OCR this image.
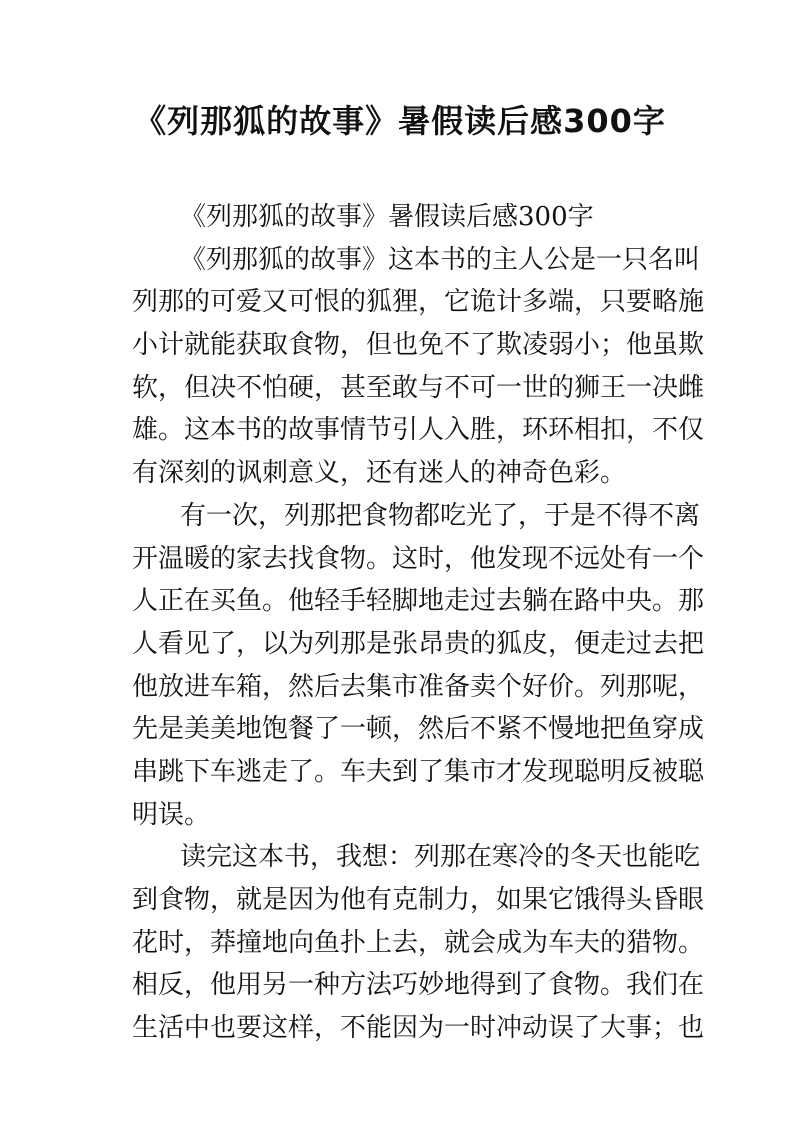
《列那狐的故事》暑假读后感300字
《列那狐的故事》暑假读后感300字
《列那狐的故事》这本书的主人公是一只名叫
列那的可爱又可恨的狐狸，它诡计多端，只要略施
小计就能获取食物，但也免不了欺凌弱小；他虽欺
软，但决不怕硬，甚至敢与不可一世的狮王一决雌
雄。这本书的故事情节引人入胜，环环相扣，不仅
有深刻的讽刺意义，还有迷人的神奇色彩。
有一次，列那把食物都吃光了，于是不得不离
开温暖的家去找食物。这时，他发现不远处有一个
人正在买鱼。他轻手轻脚地走过去躺在路中央。那
人看见了，以为列那是张昂贵的狐皮，便走过去把
他放进车箱，然后去集市准备卖个好价。列那呢，
先是美美地饱餐了一顿，然后不紧不慢地把鱼穿成
串跳下车逃走了。车夫到了集市才发现聪明反被聪
明误。
读完这本书，我想：列那在寒冷的冬天也能吃
到食物，就是因为他有克制力，如果它饿得头昏眼
花时，莽撞地向鱼扑上去，就会成为车夫的猎物。
相反，他用另一种方法巧妙地得到了食物。我们在
生活中也要这样，不能因为一时冲动误了大事；也
